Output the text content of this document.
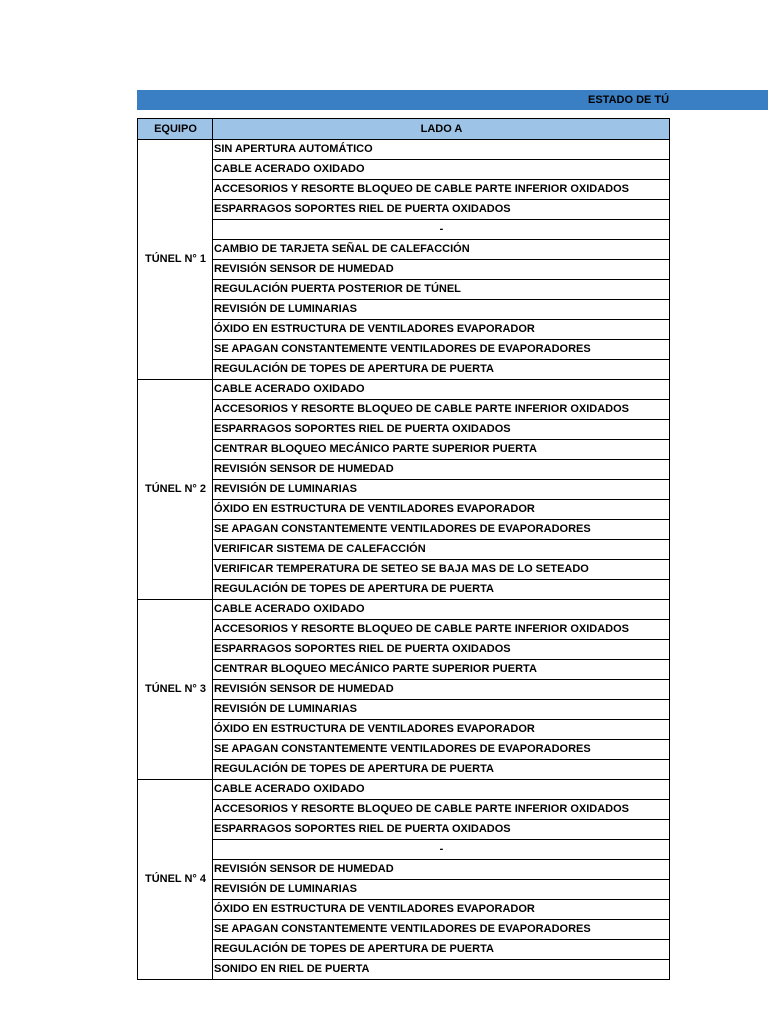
ESTADO DE TÚ
EQUIPO	LADO A
TÚNEL N° 1	SIN APERTURA AUTOMÁTICO
	CABLE ACERADO OXIDADO
	ACCESORIOS Y RESORTE BLOQUEO DE CABLE PARTE INFERIOR OXIDADOS
	ESPARRAGOS SOPORTES RIEL DE PUERTA OXIDADOS
	-
	CAMBIO DE TARJETA SEÑAL DE CALEFACCIÓN
	REVISIÓN SENSOR DE HUMEDAD
	REGULACIÓN PUERTA POSTERIOR DE TÚNEL
	REVISIÓN DE LUMINARIAS
	ÓXIDO EN ESTRUCTURA DE VENTILADORES EVAPORADOR
	SE APAGAN CONSTANTEMENTE VENTILADORES DE EVAPORADORES
	REGULACIÓN DE TOPES DE APERTURA DE PUERTA
TÚNEL N° 2	CABLE ACERADO OXIDADO
	ACCESORIOS Y RESORTE BLOQUEO DE CABLE PARTE INFERIOR OXIDADOS
	ESPARRAGOS SOPORTES RIEL DE PUERTA OXIDADOS
	CENTRAR BLOQUEO MECÁNICO PARTE SUPERIOR PUERTA
	REVISIÓN SENSOR DE HUMEDAD
	REVISIÓN DE LUMINARIAS
	ÓXIDO EN ESTRUCTURA DE VENTILADORES EVAPORADOR
	SE APAGAN CONSTANTEMENTE VENTILADORES DE EVAPORADORES
	VERIFICAR SISTEMA DE CALEFACCIÓN
	VERIFICAR TEMPERATURA DE SETEO SE BAJA MAS DE LO SETEADO
	REGULACIÓN DE TOPES DE APERTURA DE PUERTA
TÚNEL N° 3	CABLE ACERADO OXIDADO
	ACCESORIOS Y RESORTE BLOQUEO DE CABLE PARTE INFERIOR OXIDADOS
	ESPARRAGOS SOPORTES RIEL DE PUERTA OXIDADOS
	CENTRAR BLOQUEO MECÁNICO PARTE SUPERIOR PUERTA
	REVISIÓN SENSOR DE HUMEDAD
	REVISIÓN DE LUMINARIAS
	ÓXIDO EN ESTRUCTURA DE VENTILADORES EVAPORADOR
	SE APAGAN CONSTANTEMENTE VENTILADORES DE EVAPORADORES
	REGULACIÓN DE TOPES DE APERTURA DE PUERTA
TÚNEL N° 4	CABLE ACERADO OXIDADO
	ACCESORIOS Y RESORTE BLOQUEO DE CABLE PARTE INFERIOR OXIDADOS
	ESPARRAGOS SOPORTES RIEL DE PUERTA OXIDADOS
	-
	REVISIÓN SENSOR DE HUMEDAD
	REVISIÓN DE LUMINARIAS
	ÓXIDO EN ESTRUCTURA DE VENTILADORES EVAPORADOR
	SE APAGAN CONSTANTEMENTE VENTILADORES DE EVAPORADORES
	REGULACIÓN DE TOPES DE APERTURA DE PUERTA
	SONIDO EN RIEL DE PUERTA
